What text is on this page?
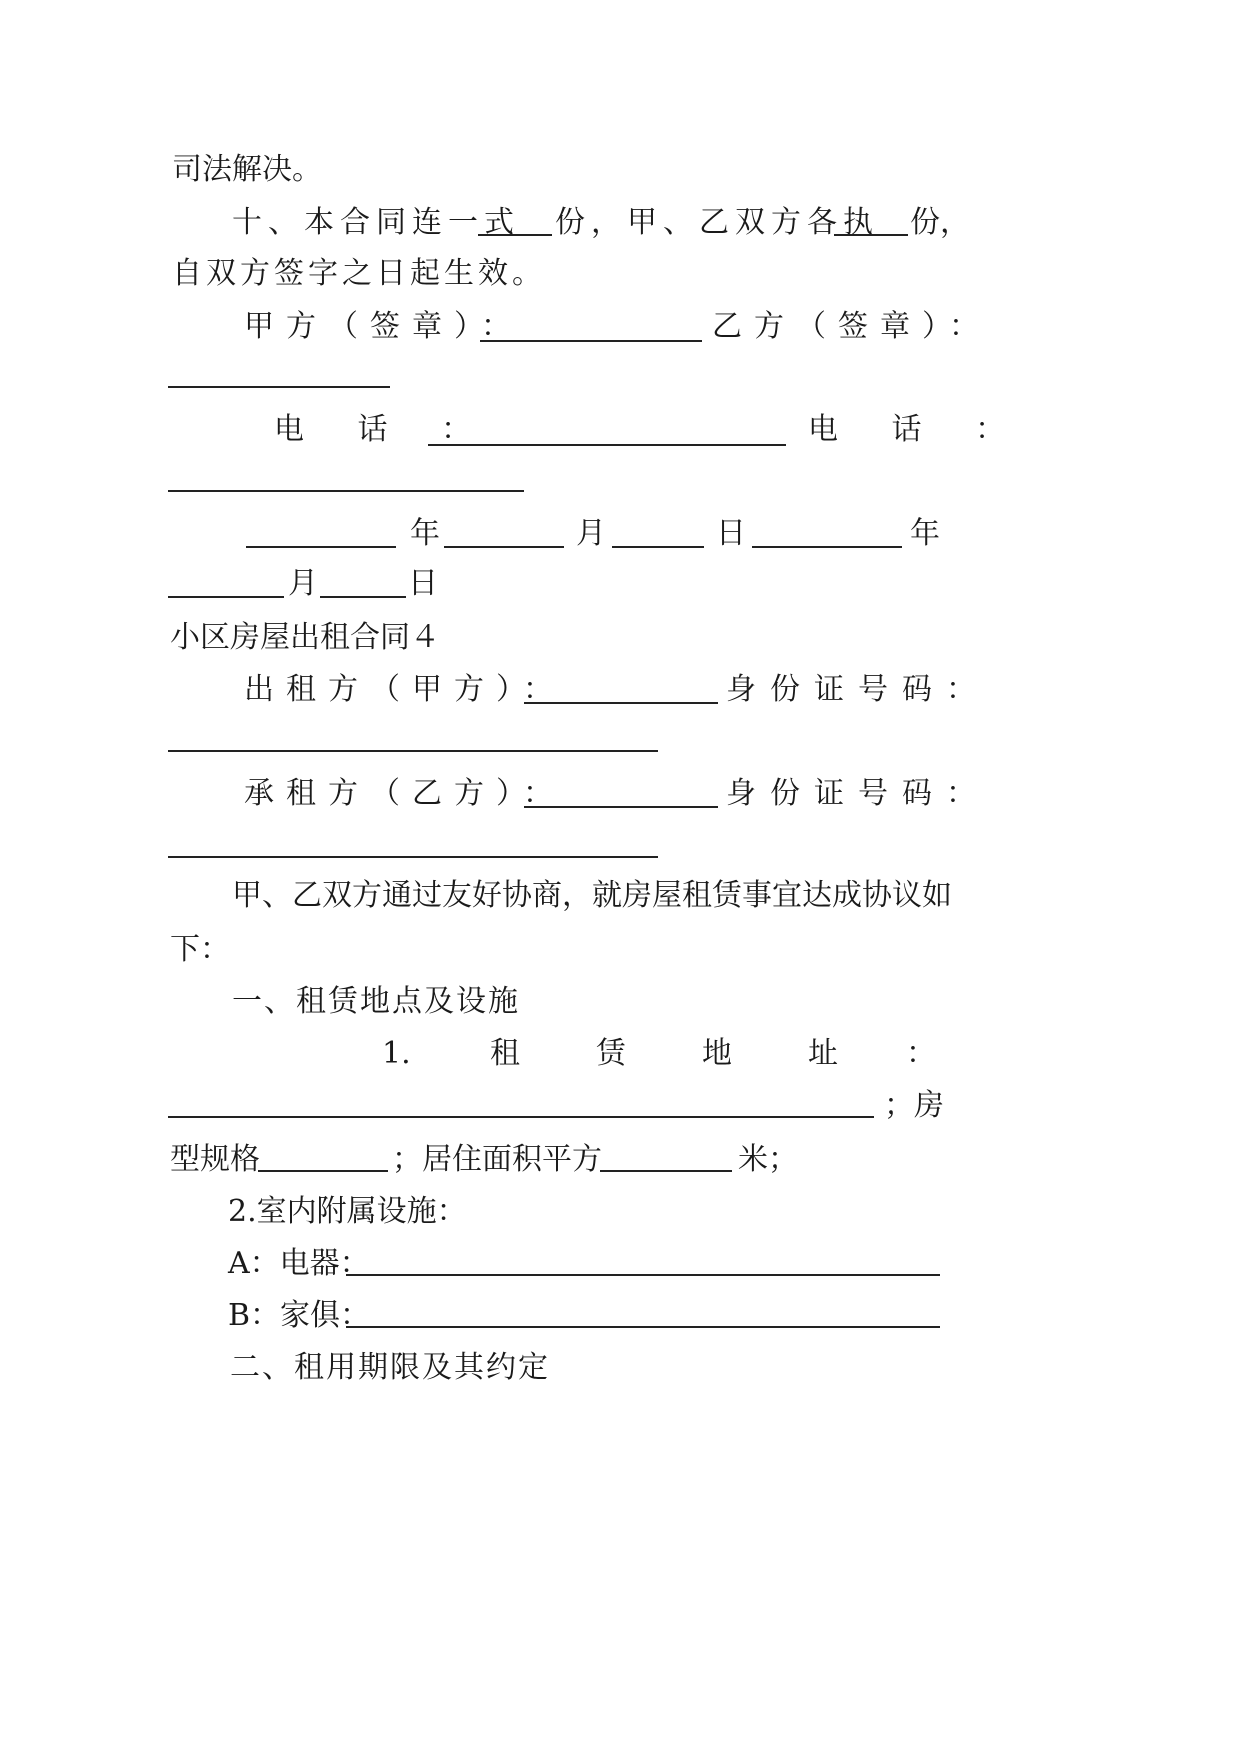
司法解决。
十、本合同连一式 份，甲、乙双方各执 份，
自双方签字之日起生效。
甲方（签章）：	乙方（签章）：
电 话 ：	电 话 ：
年	月	日	年
月	日
小区房屋出租合同４
出租方（甲方）：	身份证号码：
承租方（乙方）：	身份证号码：
甲、乙双方通过友好协商，就房屋租赁事宜达成协议如
下：
一、租赁地点及设施
1.	租	赁	地	址 ：
；房
型规格	；居住面积平方	米；
2.室内附属设施：
A：电器：
B：家俱：
二、租用期限及其约定
